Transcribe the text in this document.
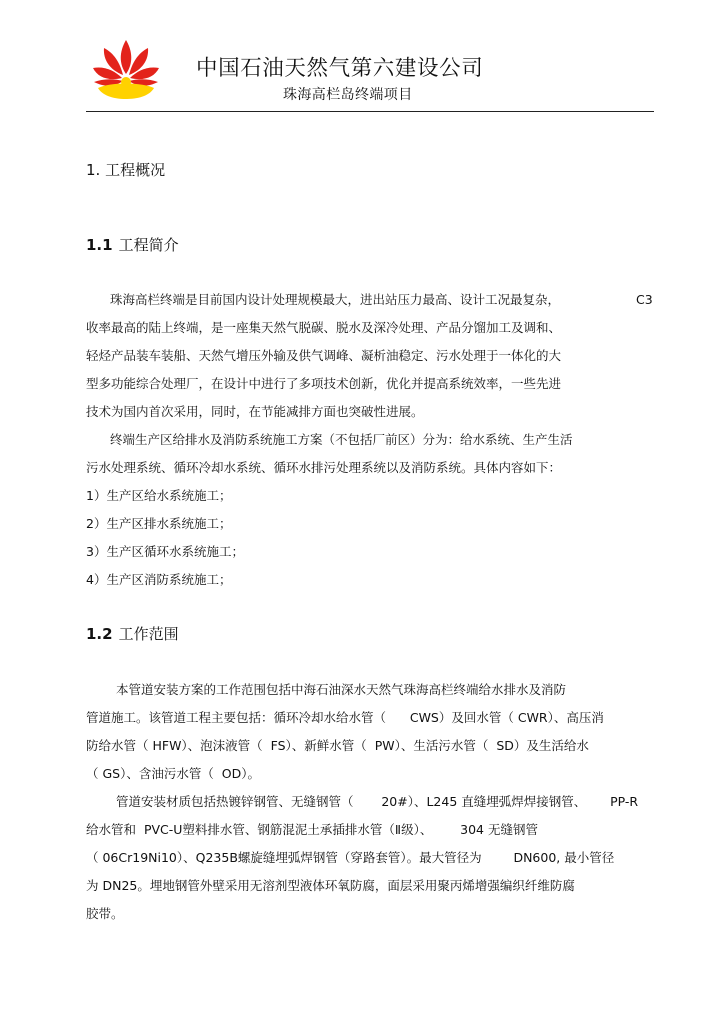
中国石油天然气第六建设公司
珠海高栏岛终端项目
1. 工程概况
1.1 工程简介
珠海高栏终端是目前国内设计处理规模最大，进出站压力最高、设计工况最复杂，	C3
收率最高的陆上终端，是一座集天然气脱碳、脱水及深冷处理、产品分馏加工及调和、
轻烃产品装车装船、天然气增压外输及供气调峰、凝析油稳定、污水处理于一体化的大
型多功能综合处理厂，在设计中进行了多项技术创新，优化并提高系统效率，一些先进
技术为国内首次采用，同时，在节能减排方面也突破性进展。
终端生产区给排水及消防系统施工方案（不包括厂前区）分为：给水系统、生产生活
污水处理系统、循环冷却水系统、循环水排污处理系统以及消防系统。具体内容如下：
1）生产区给水系统施工；
2）生产区排水系统施工；
3）生产区循环水系统施工；
4）生产区消防系统施工；
1.2 工作范围
本管道安装方案的工作范围包括中海石油深水天然气珠海高栏终端给水排水及消防
管道施工。该管道工程主要包括：循环冷却水给水管（      CWS）及回水管（ CWR）、高压消
防给水管（ HFW）、泡沫液管（  FS）、新鲜水管（  PW）、生活污水管（  SD）及生活给水
（ GS）、含油污水管（  OD）。
管道安装材质包括热镀锌钢管、无缝钢管（       20#）、L245 直缝埋弧焊焊接钢管、      PP-R
给水管和  PVC-U塑料排水管、钢筋混泥土承插排水管（Ⅱ级）、       304 无缝钢管
（ 06Cr19Ni10）、Q235B螺旋缝埋弧焊钢管（穿路套管）。最大管径为        DN600, 最小管径
为 DN25。埋地钢管外壁采用无溶剂型液体环氧防腐，面层采用聚丙烯增强编织纤维防腐
胶带。
